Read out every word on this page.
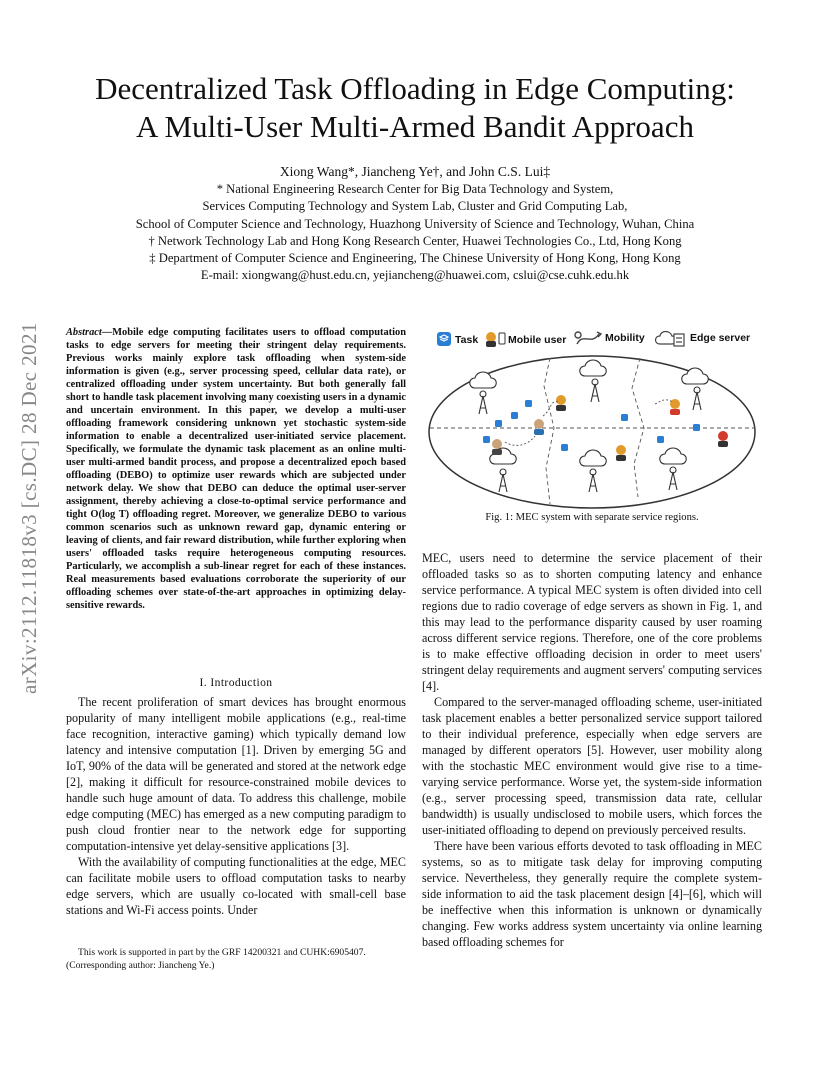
arXiv:2112.11818v3 [cs.DC] 28 Dec 2021
Decentralized Task Offloading in Edge Computing:
A Multi-User Multi-Armed Bandit Approach
Xiong Wang*, Jiancheng Ye†, and John C.S. Lui‡
* National Engineering Research Center for Big Data Technology and System,
Services Computing Technology and System Lab, Cluster and Grid Computing Lab,
School of Computer Science and Technology, Huazhong University of Science and Technology, Wuhan, China
† Network Technology Lab and Hong Kong Research Center, Huawei Technologies Co., Ltd, Hong Kong
‡ Department of Computer Science and Engineering, The Chinese University of Hong Kong, Hong Kong
E-mail: xiongwang@hust.edu.cn, yejiancheng@huawei.com, cslui@cse.cuhk.edu.hk
Abstract—Mobile edge computing facilitates users to offload computation tasks to edge servers for meeting their stringent delay requirements. Previous works mainly explore task offloading when system-side information is given (e.g., server processing speed, cellular data rate), or centralized offloading under system uncertainty. But both generally fall short to handle task placement involving many coexisting users in a dynamic and uncertain environment. In this paper, we develop a multi-user offloading framework considering unknown yet stochastic system-side information to enable a decentralized user-initiated service placement. Specifically, we formulate the dynamic task placement as an online multi-user multi-armed bandit process, and propose a decentralized epoch based offloading (DEBO) to optimize user rewards which are subjected under network delay. We show that DEBO can deduce the optimal user-server assignment, thereby achieving a close-to-optimal service performance and tight O(log T) offloading regret. Moreover, we generalize DEBO to various common scenarios such as unknown reward gap, dynamic entering or leaving of clients, and fair reward distribution, while further exploring when users' offloaded tasks require heterogeneous computing resources. Particularly, we accomplish a sub-linear regret for each of these instances. Real measurements based evaluations corroborate the superiority of our offloading schemes over state-of-the-art approaches in optimizing delay-sensitive rewards.
I. Introduction

The recent proliferation of smart devices has brought enormous popularity of many intelligent mobile applications (e.g., real-time face recognition, interactive gaming) which typically demand low latency and intensive computation [1]. Driven by emerging 5G and IoT, 90% of the data will be generated and stored at the network edge [2], making it difficult for resource-constrained mobile devices to handle such huge amount of data. To address this challenge, mobile edge computing (MEC) has emerged as a new computing paradigm to push cloud frontier near to the network edge for supporting computation-intensive yet delay-sensitive applications [3].

With the availability of computing functionalities at the edge, MEC can facilitate mobile users to offload computation tasks to nearby edge servers, which are usually co-located with small-cell base stations and Wi-Fi access points. Under

This work is supported in part by the GRF 14200321 and CUHK:6905407.
(Corresponding author: Jiancheng Ye.)
Task	Mobile user	Mobility	Edge server
Fig. 1: MEC system with separate service regions.

MEC, users need to determine the service placement of their offloaded tasks so as to shorten computing latency and enhance service performance. A typical MEC system is often divided into cell regions due to radio coverage of edge servers as shown in Fig. 1, and this may lead to the performance disparity caused by user roaming across different service regions. Therefore, one of the core problems is to make effective offloading decision in order to meet users' stringent delay requirements and augment servers' computing services [4].

Compared to the server-managed offloading scheme, user-initiated task placement enables a better personalized service support tailored to their individual preference, especially when edge servers are managed by different operators [5]. However, user mobility along with the stochastic MEC environment would give rise to a time-varying service performance. Worse yet, the system-side information (e.g., server processing speed, transmission data rate, cellular bandwidth) is usually undisclosed to mobile users, which forces the user-initiated offloading to depend on previously perceived results.

There have been various efforts devoted to task offloading in MEC systems, so as to mitigate task delay for improving computing service. Nevertheless, they generally require the complete system-side information to aid the task placement design [4]–[6], which will be ineffective when this information is unknown or dynamically changing. Few works address system uncertainty via online learning based offloading schemes for
